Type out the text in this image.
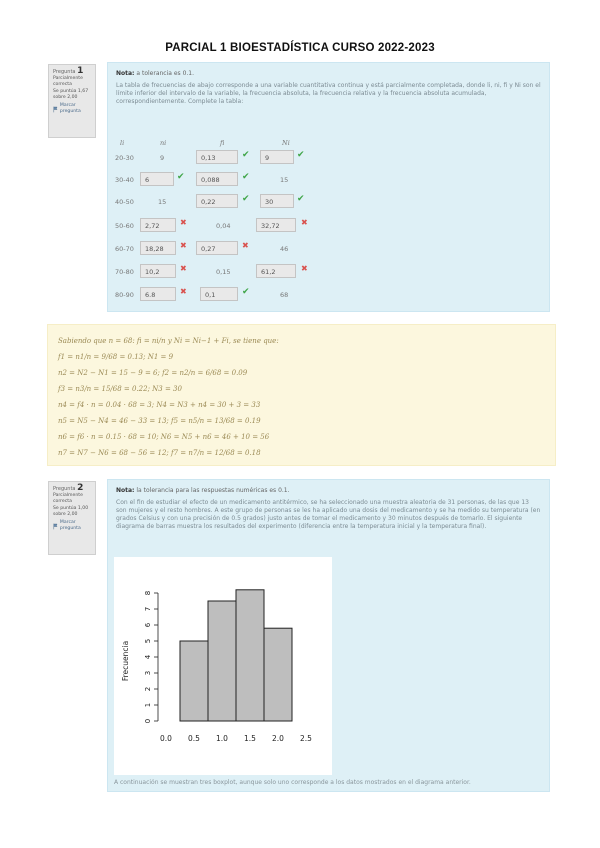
PARCIAL 1 BIOESTADÍSTICA CURSO 2022-2023
Pregunta 1
Parcialmente correcta
Se puntúa 1,67 sobre 2,00
Marcar pregunta
Nota: a tolerancia es 0.1.
La tabla de frecuencias de abajo corresponde a una variable cuantitativa continua y está parcialmente completada, donde li, ni, fi y Ni son el límite inferior del intervalo de la variable, la frecuencia absoluta, la frecuencia relativa y la frecuencia absoluta acumulada, correspondientemente. Complete la tabla:
li	ni	fi	Ni
20-30	9	0,13	✔	9	✔
30-40	6	✔	0,088	✔	15
40-50	15	0,22	✔	30	✔
50-60	2,72	✖	0,04	32,72	✖
60-70	18,28	✖	0,27	✖	46
70-80	10,2	✖	0,15	61,2	✖
80-90	6.8	✖	0,1	✔	68
Sabiendo que n = 68: fi = ni/n y Ni = Ni−1 + Fi, se tiene que:
f1 = n1/n = 9/68 = 0.13; N1 = 9
n2 = N2 − N1 = 15 − 9 = 6; f2 = n2/n = 6/68 = 0.09
f3 = n3/n = 15/68 = 0.22; N3 = 30
n4 = f4 · n = 0.04 · 68 = 3; N4 = N3 + n4 = 30 + 3 = 33
n5 = N5 − N4 = 46 − 33 = 13; f5 = n5/n = 13/68 = 0.19
n6 = f6 · n = 0.15 · 68 = 10; N6 = N5 + n6 = 46 + 10 = 56
n7 = N7 − N6 = 68 − 56 = 12; f7 = n7/n = 12/68 = 0.18
Pregunta 2
Parcialmente correcta
Se puntúa 1,00 sobre 2,00
Marcar pregunta
Nota: la tolerancia para las respuestas numéricas es 0.1.
Con el fin de estudiar el efecto de un medicamento antitérmico, se ha seleccionado una muestra aleatoria de 31 personas, de las que 13 son mujeres y el resto hombres. A este grupo de personas se les ha aplicado una dosis del medicamento y se ha medido su temperatura (en grados Celsius y con una precisión de 0.5 grados) justo antes de tomar el medicamento y 30 minutos después de tomarlo. El siguiente diagrama de barras muestra los resultados del experimento (diferencia entre la temperatura inicial y la temperatura final).
0
1
2
3
4
5
6
7
8
Frecuencia
0.0 0.5 1.0 1.5 2.0 2.5
A continuación se muestran tres boxplot, aunque solo uno corresponde a los datos mostrados en el diagrama anterior.
